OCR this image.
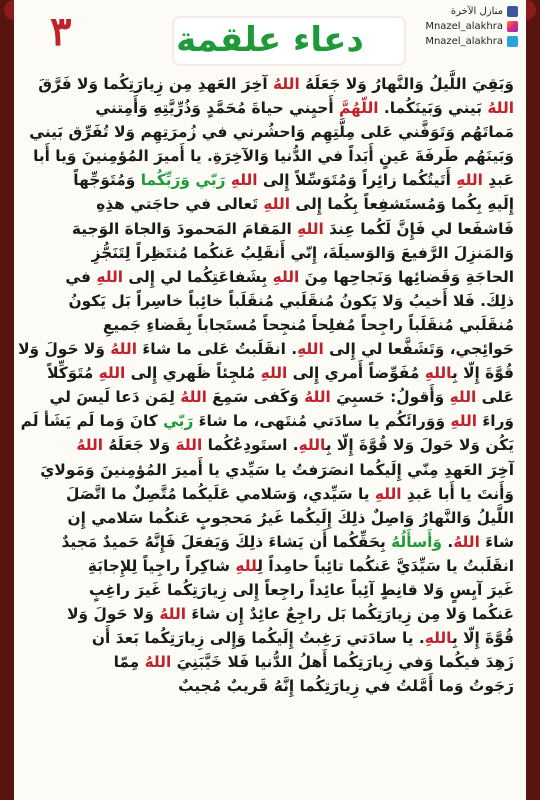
دعاء علقمة
٣	منازل الآخرة
Mnazel_alakhra
Mnazel_alakhra
وَبَقِيَ اللَّيلُ وَالنَّهارُ وَلا جَعَلَهُ اللهُ آخِرَ العَهدِ مِن زِيارَتِكُما وَلا فَرَّقَ
اللهُ بَيني وَبَينَكُما. اللّهُمَّ أَحيِني حياةَ مُحَمَّدٍ وَذُرِّيَّتِهِ وَأَمِتني
مَماتَهُم وَتَوَفَّني عَلى مِلَّتِهِم وَاحشُرني في زُمرَتِهِم وَلا تُفَرِّق بَيني
وَبَينَهُم طَرفَةَ عَينٍ أَبَداً في الدُّنيا وَالآخِرَةِ. يا أَميرَ المُؤمِنينَ وَيا أَبا
عَبدِ اللهِ أَتَيتُكُما زائِراً وَمُتَوَسِّلاً إِلى اللهِ رَبّي وَرَبِّكُما وَمُتَوَجِّهاً
إِلَيهِ بِكُما وَمُستَشفِعاً بِكُما إِلى اللهِ تَعالى في حاجَتي هذِهِ
فَاشفَعا لي فَإِنَّ لَكُما عِندَ اللهِ المَقامَ المَحمودَ وَالجاهَ الوَجيهَ
وَالمَنزِلَ الرَّفيعَ وَالوَسيلَةَ، إِنّي أَنقَلِبُ عَنكُما مُنتَظِراً لِتَنَجُّزِ
الحاجَةِ وَقَضائِها وَنَجاحِها مِنَ اللهِ بِشَفاعَتِكُما لي إِلى اللهِ في
ذلِكَ. فَلا أَخيبُ وَلا يَكونُ مُنقَلَبي مُنقَلَباً خائِباً خاسِراً بَل يَكونُ
مُنقَلَبي مُنقَلَباً راجِحاً مُفلِحاً مُنجِحاً مُستَجاباً بِقَضاءِ جَميعِ
حَوائِجي، وَتَشَفَّعا لي إِلى اللهِ. انقَلَبتُ عَلى ما شاءَ اللهُ وَلا حَولَ وَلا
قُوَّةَ إِلّا بِاللهِ مُفَوِّضاً أَمري إِلى اللهِ مُلجِئاً ظَهري إِلى اللهِ مُتَوَكِّلاً
عَلى اللهِ وَأَقولُ: حَسبِيَ اللهُ وَكَفى سَمِعَ اللهُ لِمَن دَعا لَيسَ لي
وَراءَ اللهِ وَوَرائَكُم يا سادَتي مُنتَهى، ما شاءَ رَبّي كانَ وَما لَم يَشَأ لَم
يَكُن وَلا حَولَ وَلا قُوَّةَ إِلّا بِاللهِ. استَودِعُكُما اللهَ وَلا جَعَلَهُ اللهُ
آخِرَ العَهدِ مِنّي إِلَيكُما انصَرَفتُ يا سَيِّدي يا أَميرَ المُؤمِنينَ وَمَولايَ
وَأَنتَ يا أَبا عَبدِ اللهِ يا سَيِّدي، وَسَلامي عَلَيكُما مُتَّصِلٌ ما اتَّصَلَ
اللَّيلُ وَالنَّهارُ وَاصِلٌ ذلِكَ إِلَيكُما غَيرُ مَحجوبٍ عَنكُما سَلامي إِن
شاءَ اللهُ. وَأَسأَلُهُ بِحَقِّكُما أَن يَشاءَ ذلِكَ وَيَفعَلَ فَإِنَّهُ حَميدٌ مَجيدٌ
انقَلَبتُ يا سَيِّدَيَّ عَنكُما تائِباً حامِداً لِللهِ شاكِراً راجِياً لِلإِجابَةِ
غَيرَ آيِسٍ وَلا قانِطٍ آئِباً عائِداً راجِعاً إِلى زِيارَتِكُما غَيرَ راغِبٍ
عَنكُما وَلا مِن زِيارَتِكُما بَل راجِعٌ عائِدٌ إِن شاءَ اللهُ وَلا حَولَ وَلا
قُوَّةَ إِلّا بِاللهِ. يا سادَتي رَغِبتُ إِلَيكُما وَإِلى زِيارَتِكُما بَعدَ أَن
زَهِدَ فيكُما وَفي زِيارَتِكُما أَهلُ الدُّنيا فَلا خَيَّبَنِيَ اللهُ مِمّا
رَجَوتُ وَما أَمَّلتُ في زِيارَتِكُما إِنَّهُ قَريبٌ مُجيبٌ
